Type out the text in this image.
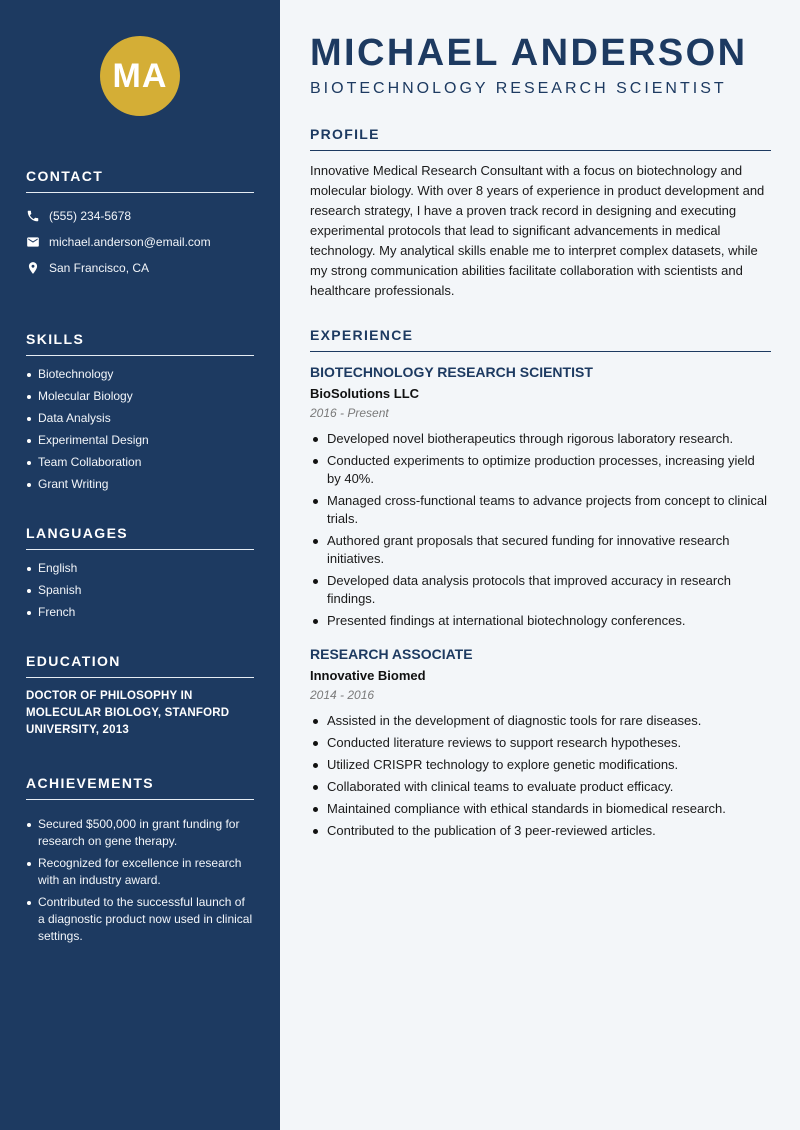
MA
CONTACT
(555) 234-5678
michael.anderson@email.com
San Francisco, CA
SKILLS
Biotechnology
Molecular Biology
Data Analysis
Experimental Design
Team Collaboration
Grant Writing
LANGUAGES
English
Spanish
French
EDUCATION
DOCTOR OF PHILOSOPHY IN MOLECULAR BIOLOGY, STANFORD UNIVERSITY, 2013
ACHIEVEMENTS
Secured $500,000 in grant funding for research on gene therapy.
Recognized for excellence in research with an industry award.
Contributed to the successful launch of a diagnostic product now used in clinical settings.
MICHAEL ANDERSON
BIOTECHNOLOGY RESEARCH SCIENTIST
PROFILE

Innovative Medical Research Consultant with a focus on biotechnology and molecular biology. With over 8 years of experience in product development and research strategy, I have a proven track record in designing and executing experimental protocols that lead to significant advancements in medical technology. My analytical skills enable me to interpret complex datasets, while my strong communication abilities facilitate collaboration with scientists and healthcare professionals.

EXPERIENCE
BIOTECHNOLOGY RESEARCH SCIENTIST
BioSolutions LLC
2016 - Present
Developed novel biotherapeutics through rigorous laboratory research.
Conducted experiments to optimize production processes, increasing yield by 40%.
Managed cross-functional teams to advance projects from concept to clinical trials.
Authored grant proposals that secured funding for innovative research initiatives.
Developed data analysis protocols that improved accuracy in research findings.
Presented findings at international biotechnology conferences.
RESEARCH ASSOCIATE
Innovative Biomed
2014 - 2016
Assisted in the development of diagnostic tools for rare diseases.
Conducted literature reviews to support research hypotheses.
Utilized CRISPR technology to explore genetic modifications.
Collaborated with clinical teams to evaluate product efficacy.
Maintained compliance with ethical standards in biomedical research.
Contributed to the publication of 3 peer-reviewed articles.
